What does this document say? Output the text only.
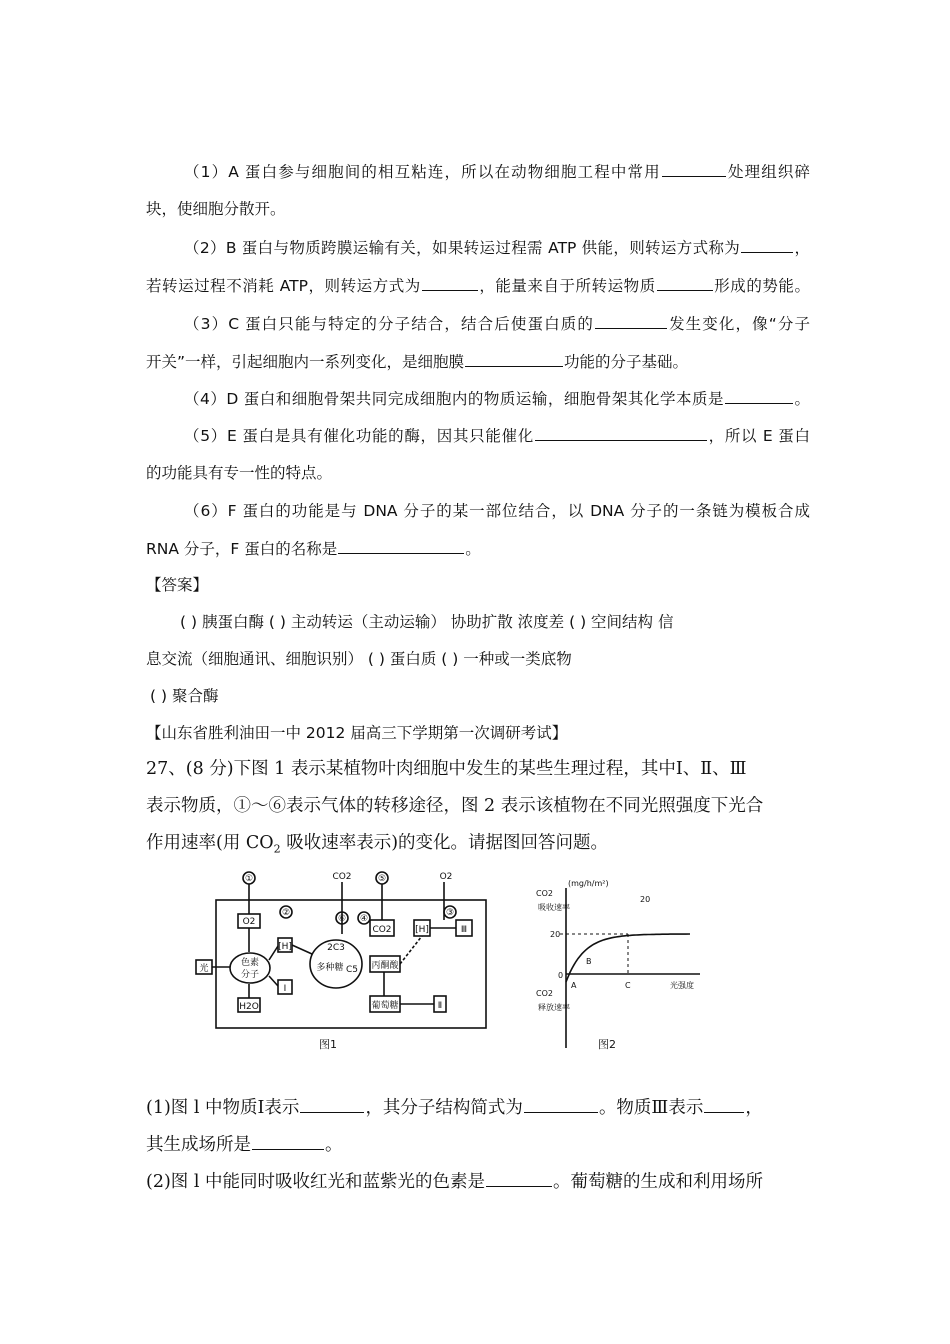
（1）A 蛋白参与细胞间的相互粘连，所以在动物细胞工程中常用	处理组织碎
块，使细胞分散开。
（2）B 蛋白与物质跨膜运输有关，如果转运过程需 ATP 供能，则转运方式称为	，
若转运过程不消耗 ATP，则转运方式为	，能量来自于所转运物质	形成的势能。
（3）C 蛋白只能与特定的分子结合，结合后使蛋白质的	发生变化，像“分子
开关”一样，引起细胞内一系列变化，是细胞膜	功能的分子基础。
（4）D 蛋白和细胞骨架共同完成细胞内的物质运输，细胞骨架其化学本质是	。
（5）E 蛋白是具有催化功能的酶，因其只能催化	，所以 E 蛋白
的功能具有专一性的特点。
（6）F 蛋白的功能是与 DNA 分子的某一部位结合，以 DNA 分子的一条链为模板合成
RNA 分子，F 蛋白的名称是	。
【答案】
( ) 胰蛋白酶 ( ) 主动转运（主动运输） 协助扩散 浓度差 ( ) 空间结构 信
息交流（细胞通讯、细胞识别） ( ) 蛋白质 ( ) 一种或一类底物
( ) 聚合酶
【山东省胜利油田一中 2012 届高三下学期第一次调研考试】
27、(8 分)下图 1 表示某植物叶肉细胞中发生的某些生理过程，其中Ⅰ、Ⅱ、Ⅲ
表示物质，①～⑥表示气体的转移途径，图 2 表示该植物在不同光照强度下光合
作用速率(用 $CO_2$ 吸收速率表示)的变化。请据图回答问题。
光
色素
分子
O2
H2O
[H]
Ⅰ
2C3
多种糖 C5
CO2
CO2
丙酮酸
[H]	Ⅲ
葡萄糖	Ⅱ
O2
①
②	③
④
⑤
⑥
图1
(mg/h/m²)
20
CO2
吸收速率
CO2
释放速率
光强度
20
0
A
B
C
图2
(1)图 l 中物质Ⅰ表示	，其分子结构简式为	。物质Ⅲ表示 ，
其生成场所是	。
(2)图 l 中能同时吸收红光和蓝紫光的色素是	。葡萄糖的生成和利用场所
